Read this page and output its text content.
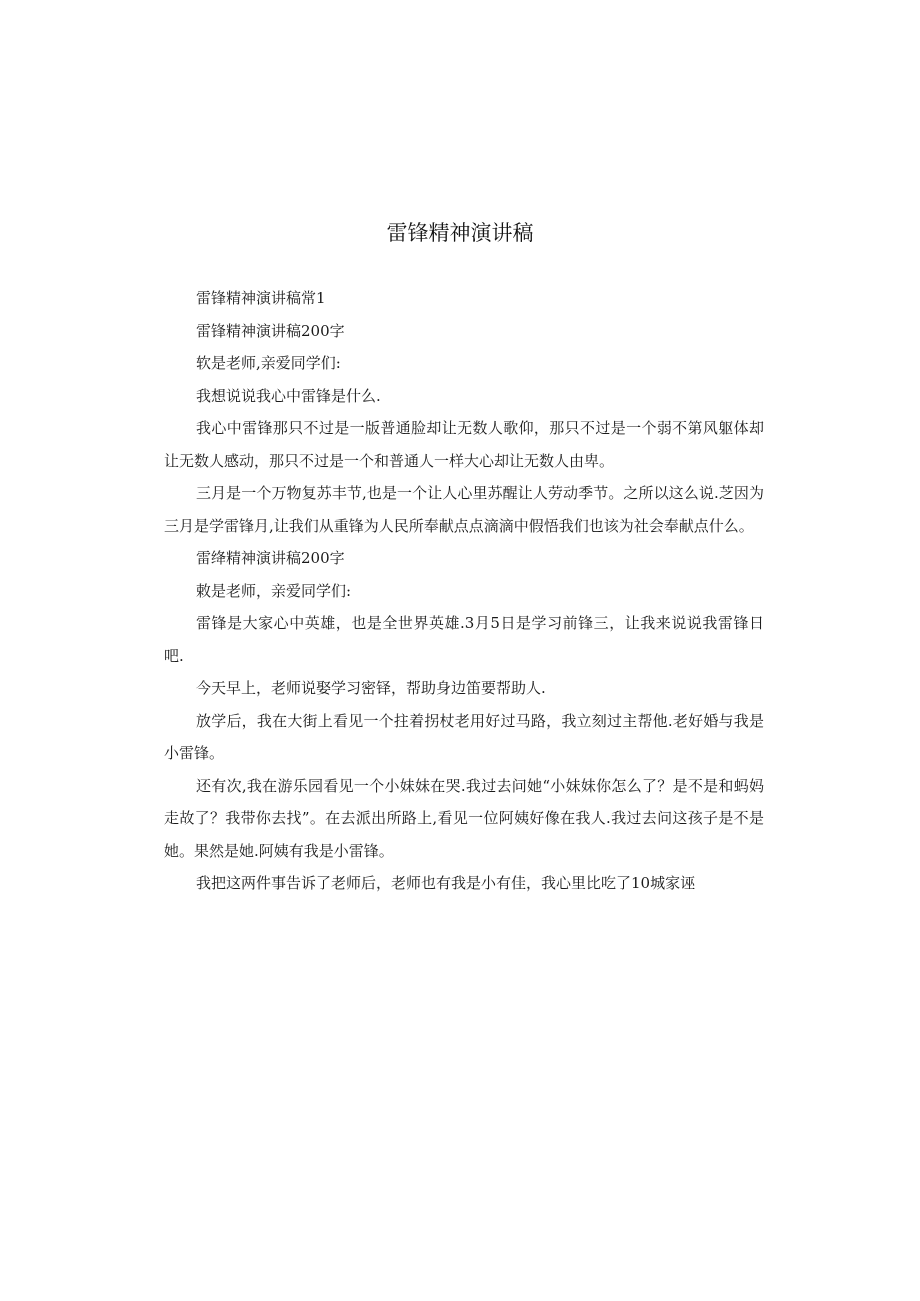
雷锋精神演讲稿

雷锋精神演讲稿常1

雷锋精神演讲稿200字

软是老师,亲爱同学们:

我想说说我心中雷锋是什么.

我心中雷锋那只不过是一版普通脸却让无数人歌仰，那只不过是一个弱不第风躯体却让无数人感动，那只不过是一个和普通人一样大心却让无数人由卑。

三月是一个万物复苏丰节,也是一个让人心里苏醒让人劳动季节。之所以这么说.芝因为三月是学雷锋月,让我们从重锋为人民所奉献点点滴滴中假悟我们也该为社会奉献点什么。

雷绛精神演讲稿200字

敕是老师，亲爱同学们:

雷锋是大家心中英雄，也是全世界英雄.3月5日是学习前锋三，让我来说说我雷锋日吧.

今天早上，老师说娶学习密铎，帮助身边笛要帮助人.

放学后，我在大街上看见一个拄着拐杖老用好过马路，我立刻过主帮他.老好婚与我是小雷锋。

还有次,我在游乐园看见一个小妹妹在哭.我过去问她“小妹妹你怎么了？是不是和蚂妈走故了？我带你去找”。在去派出所路上,看见一位阿姨好像在我人.我过去问这孩子是不是她。果然是她.阿姨有我是小雷锋。

我把这两件事告诉了老师后，老师也有我是小有佳，我心里比吃了10城家诬
